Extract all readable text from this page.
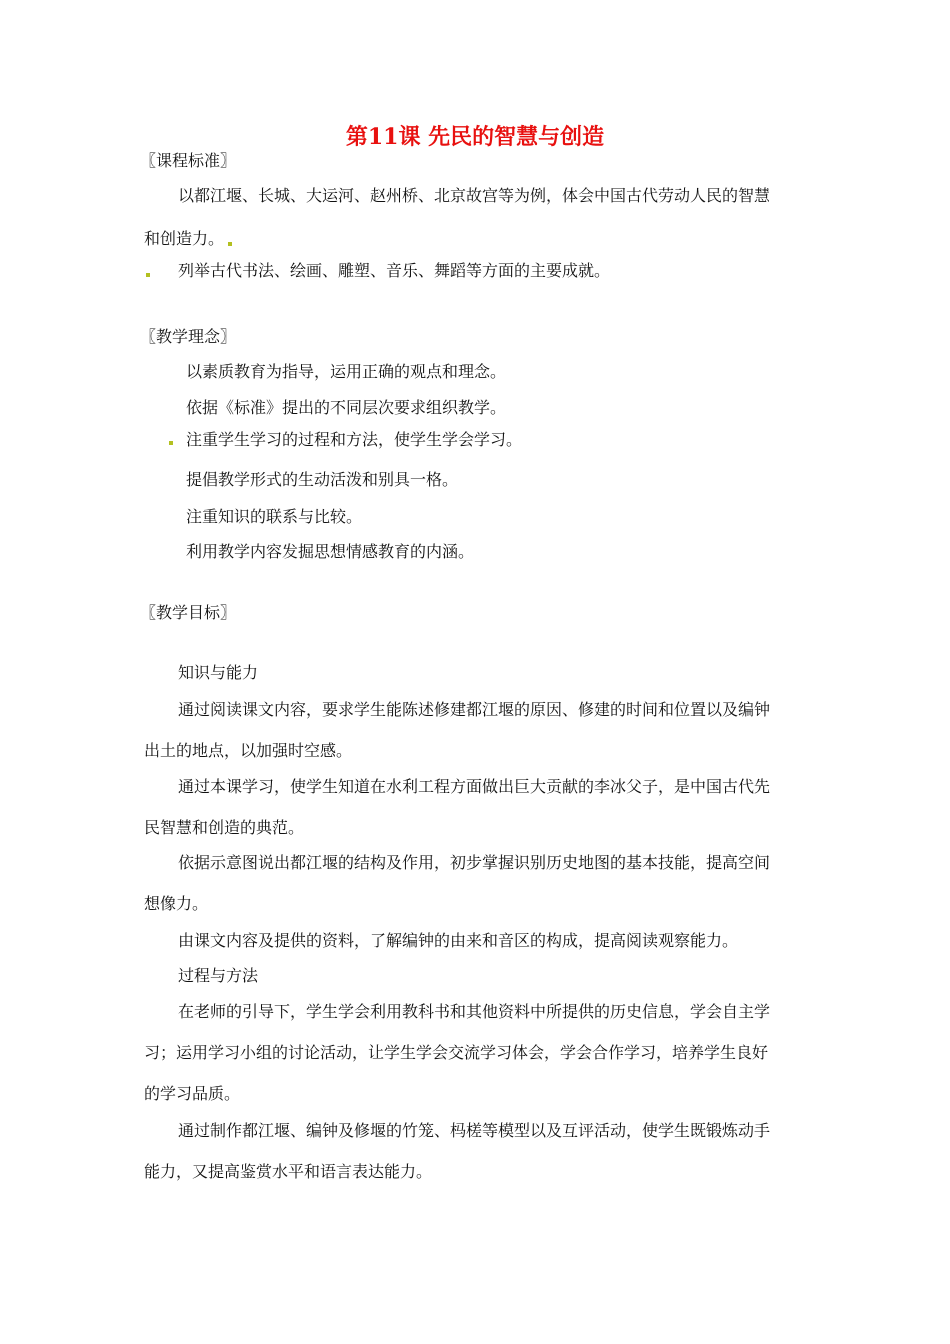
第11课 先民的智慧与创造

〖课程标准〗

以都江堰、长城、大运河、赵州桥、北京故宫等为例，体会中国古代劳动人民的智慧

和创造力。

列举古代书法、绘画、雕塑、音乐、舞蹈等方面的主要成就。

〖教学理念〗

以素质教育为指导，运用正确的观点和理念。

依据《标准》提出的不同层次要求组织教学。

注重学生学习的过程和方法，使学生学会学习。

提倡教学形式的生动活泼和别具一格。

注重知识的联系与比较。

利用教学内容发掘思想情感教育的内涵。

〖教学目标〗

知识与能力

通过阅读课文内容，要求学生能陈述修建都江堰的原因、修建的时间和位置以及编钟

出土的地点，以加强时空感。

通过本课学习，使学生知道在水利工程方面做出巨大贡献的李冰父子，是中国古代先

民智慧和创造的典范。

依据示意图说出都江堰的结构及作用，初步掌握识别历史地图的基本技能，提高空间

想像力。

由课文内容及提供的资料，了解编钟的由来和音区的构成，提高阅读观察能力。

过程与方法

在老师的引导下，学生学会利用教科书和其他资料中所提供的历史信息，学会自主学

习；运用学习小组的讨论活动，让学生学会交流学习体会，学会合作学习，培养学生良好

的学习品质。

通过制作都江堰、编钟及修堰的竹笼、杩槎等模型以及互评活动，使学生既锻炼动手

能力，又提高鉴赏水平和语言表达能力。
